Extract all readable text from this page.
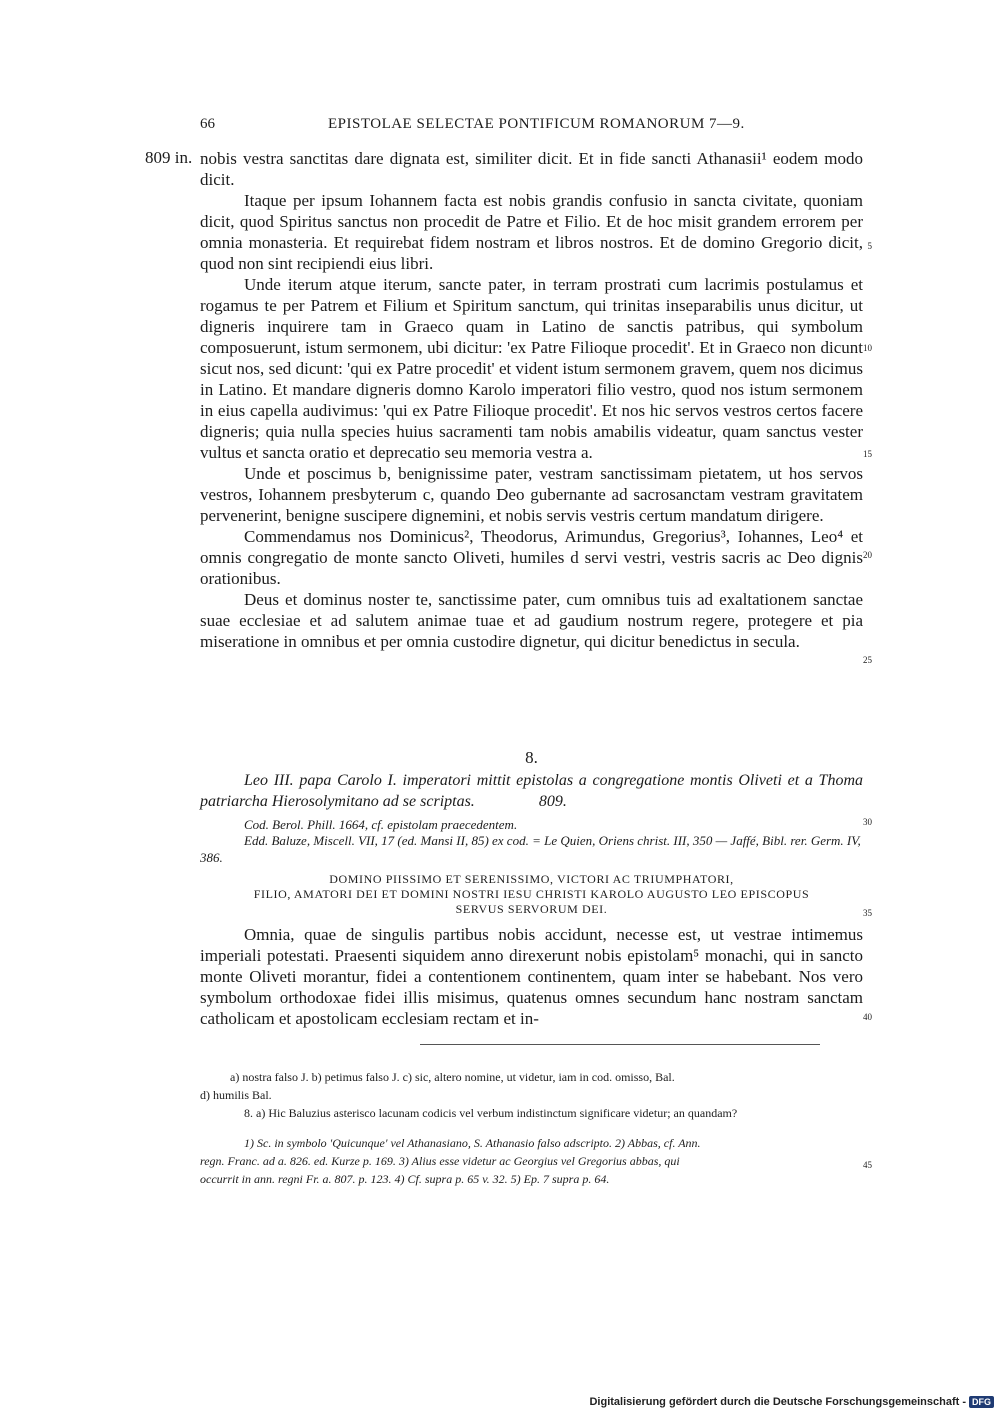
66	EPISTOLAE SELECTAE PONTIFICUM ROMANORUM 7—9.
809 in. nobis vestra sanctitas dare dignata est, similiter dicit. Et in fide sancti Athanasii¹ eodem modo dicit.

Itaque per ipsum Iohannem facta est nobis grandis confusio in sancta civitate, quoniam dicit, quod Spiritus sanctus non procedit de Patre et Filio. Et de hoc misit grandem errorem per omnia monasteria. Et requirebat fidem nostram et libros nostros. Et de domino Gregorio dicit, quod non sint recipiendi eius libri.

Unde iterum atque iterum, sancte pater, in terram prostrati cum lacrimis postulamus et rogamus te per Patrem et Filium et Spiritum sanctum, qui trinitas inseparabilis unus dicitur, ut digneris inquirere tam in Graeco quam in Latino de sanctis patribus, qui symbolum composuerunt, istum sermonem, ubi dicitur: 'ex Patre Filioque procedit'. Et in Graeco non dicunt sicut nos, sed dicunt: 'qui ex Patre procedit' et vident istum sermonem gravem, quem nos dicimus in Latino. Et mandare digneris domno Karolo imperatori filio vestro, quod nos istum sermonem in eius capella audivimus: 'qui ex Patre Filioque procedit'. Et nos hic servos vestros certos facere digneris; quia nulla species huius sacramenti tam nobis amabilis videatur, quam sanctus vester vultus et sancta oratio et deprecatio seu memoria vestra a.

Unde et poscimus b, benignissime pater, vestram sanctissimam pietatem, ut hos servos vestros, Iohannem presbyterum c, quando Deo gubernante ad sacrosanctam vestram gravitatem pervenerint, benigne suscipere dignemini, et nobis servis vestris certum mandatum dirigere.

Commendamus nos Dominicus², Theodorus, Arimundus, Gregorius³, Iohannes, Leo⁴ et omnis congregatio de monte sancto Oliveti, humiles d servi vestri, vestris sacris ac Deo dignis orationibus.

Deus et dominus noster te, sanctissime pater, cum omnibus tuis ad exaltationem sanctae suae ecclesiae et ad salutem animae tuae et ad gaudium nostrum regere, protegere et pia miseratione in omnibus et per omnia custodire dignetur, qui dicitur benedictus in secula.

5
10
15
20
25
30
35
40
45
8.
Leo III. papa Carolo I. imperatori mittit epistolas a congregatione montis Oliveti et a Thoma patriarcha Hierosolymitano ad se scriptas.	809.
Cod. Berol. Phill. 1664, cf. epistolam praecedentem.
Edd. Baluze, Miscell. VII, 17 (ed. Mansi II, 85) ex cod. = Le Quien, Oriens christ. III, 350 — Jaffé, Bibl. rer. Germ. IV, 386.
DOMINO PIISSIMO ET SERENISSIMO, VICTORI AC TRIUMPHATORI,
FILIO, AMATORI DEI ET DOMINI NOSTRI IESU CHRISTI KAROLO AUGUSTO LEO EPISCOPUS
SERVUS SERVORUM DEI.

Omnia, quae de singulis partibus nobis accidunt, necesse est, ut vestrae intimemus imperiali potestati. Praesenti siquidem anno direxerunt nobis epistolam⁵ monachi, qui in sancto monte Oliveti morantur, fidei a contentionem continentem, quam inter se habebant. Nos vero symbolum orthodoxae fidei illis misimus, quatenus omnes secundum hanc nostram sanctam catholicam et apostolicam ecclesiam rectam et in-

a) nostra falso J. b) petimus falso J. c) sic, altero nomine, ut videtur, iam in cod. omisso, Bal.
d) humilis Bal.
8. a) Hic Baluzius asterisco lacunam codicis vel verbum indistinctum significare videtur; an quandam?
1) Sc. in symbolo 'Quicunque' vel Athanasiano, S. Athanasio falso adscripto. 2) Abbas, cf. Ann.
regn. Franc. ad a. 826. ed. Kurze p. 169. 3) Alius esse videtur ac Georgius vel Gregorius abbas, qui
occurrit in ann. regni Fr. a. 807. p. 123. 4) Cf. supra p. 65 v. 32. 5) Ep. 7 supra p. 64.
Digitalisierung gefördert durch die Deutsche Forschungsgemeinschaft - DFG
